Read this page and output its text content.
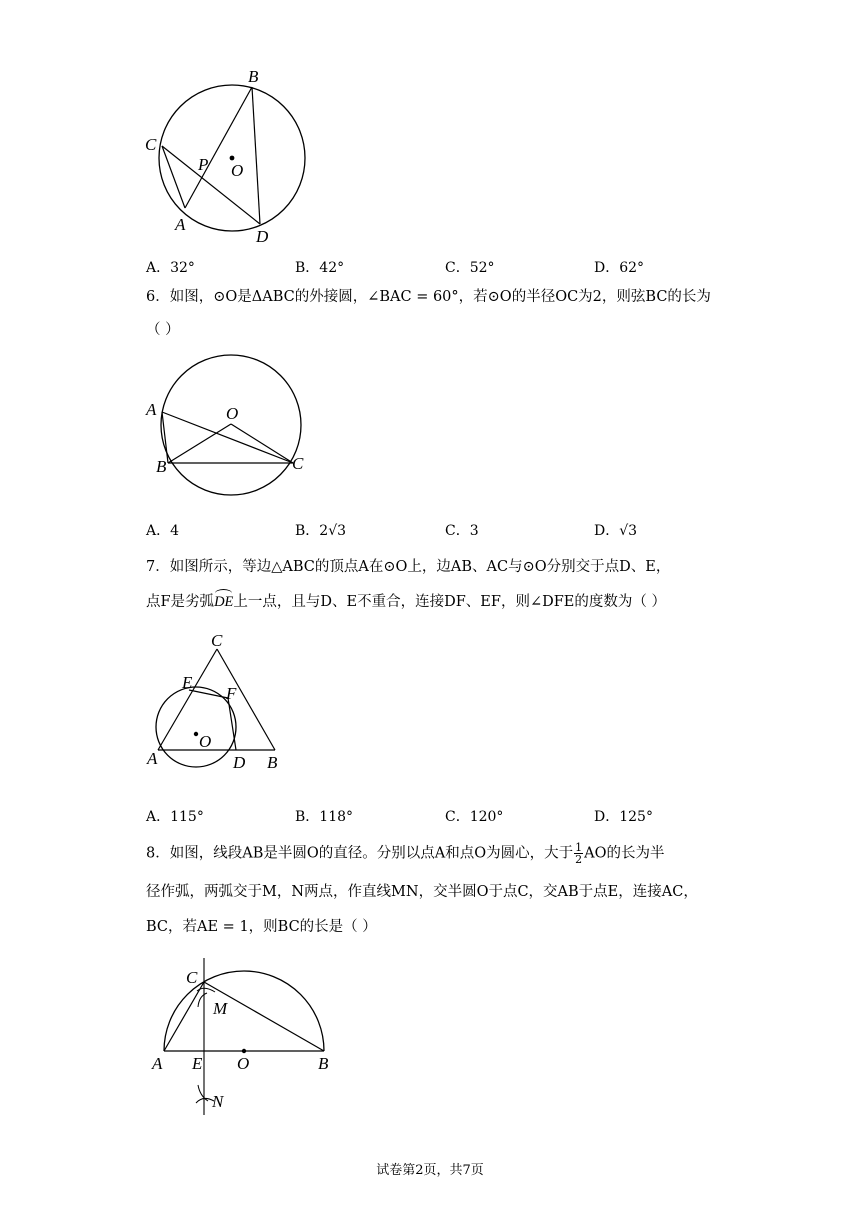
B
C
P O
A
D
A．32°	B．42°	C．52°	D．62°
6．如图，⊙O是ΔABC的外接圆，∠BAC = 60°，若⊙O的半径OC为2，则弦BC的长为
（ ）
A	O
B	C
A．4	B．2√3	C．3	D．√3
7．如图所示，等边△ABC的顶点A在⊙O上，边AB、AC与⊙O分别交于点D、E，
点F是劣弧DE上一点，且与D、E不重合，连接DF、EF，则∠DFE的度数为（ ）
C
E
F
O
A	D B
A．115°	B．118°	C．120°	D．125°
8．如图，线段AB是半圆O的直径。分别以点A和点O为圆心，大于 $\frac{1}{2}$ AO的长为半
径作弧，两弧交于M，N两点，作直线MN，交半圆O于点C，交AB于点E，连接AC，
BC，若AE = 1，则BC的长是（ ）
C
M
A E O	B
N
试卷第2页，共7页
